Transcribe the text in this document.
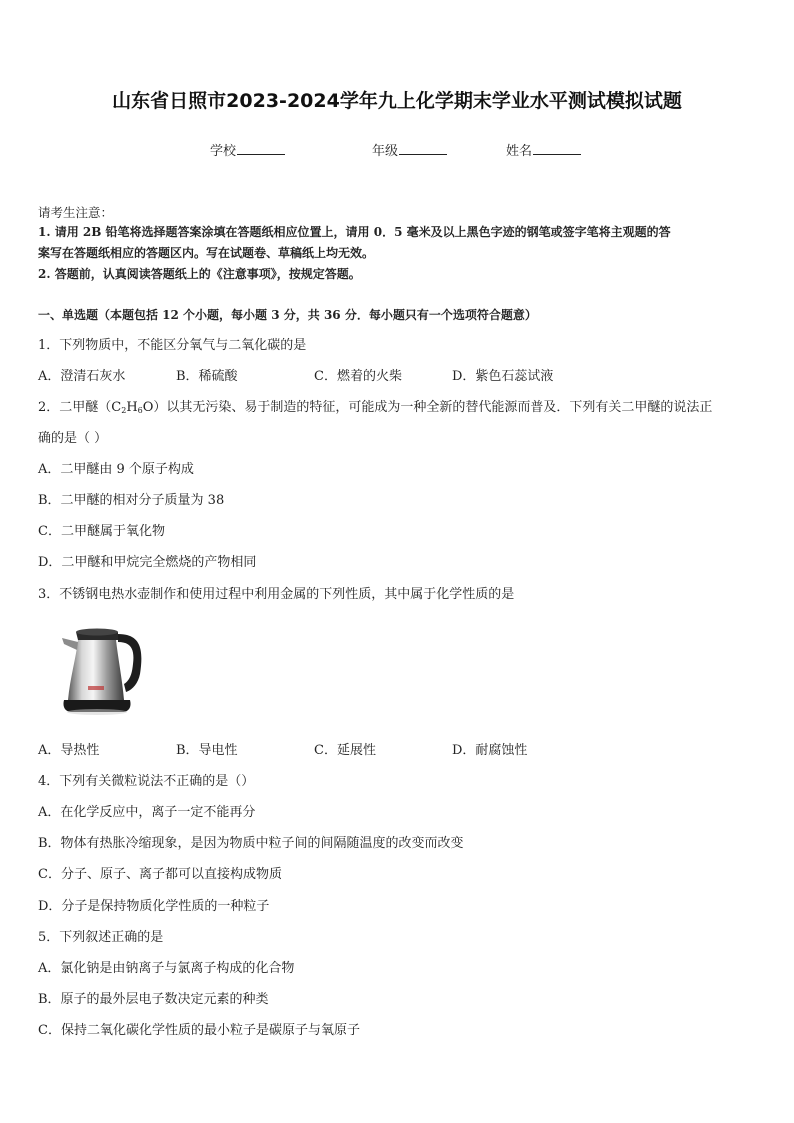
山东省日照市2023-2024学年九上化学期末学业水平测试模拟试题
学校	年级	姓名
请考生注意：
1. 请用 2B 铅笔将选择题答案涂填在答题纸相应位置上，请用 0．5 毫米及以上黑色字迹的钢笔或签字笔将主观题的答
案写在答题纸相应的答题区内。写在试题卷、草稿纸上均无效。
2. 答题前，认真阅读答题纸上的《注意事项》，按规定答题。
一、单选题（本题包括 12 个小题，每小题 3 分，共 36 分．每小题只有一个选项符合题意）
1．下列物质中，不能区分氧气与二氧化碳的是
A．澄清石灰水	B．稀硫酸	C．燃着的火柴	D．紫色石蕊试液
2．二甲醚$(C_2H_6O)$以其无污染、易于制造的特征，可能成为一种全新的替代能源而普及．下列有关二甲醚的说法正
确的是（ ）
A．二甲醚由 9 个原子构成
B．二甲醚的相对分子质量为 38
C．二甲醚属于氧化物
D．二甲醚和甲烷完全燃烧的产物相同
3．不锈钢电热水壶制作和使用过程中利用金属的下列性质，其中属于化学性质的是
A．导热性	B．导电性	C．延展性	D．耐腐蚀性
4．下列有关微粒说法不正确的是（）
A．在化学反应中，离子一定不能再分
B．物体有热胀冷缩现象，是因为物质中粒子间的间隔随温度的改变而改变
C．分子、原子、离子都可以直接构成物质
D．分子是保持物质化学性质的一种粒子
5．下列叙述正确的是
A．氯化钠是由钠离子与氯离子构成的化合物
B．原子的最外层电子数决定元素的种类
C．保持二氧化碳化学性质的最小粒子是碳原子与氧原子
